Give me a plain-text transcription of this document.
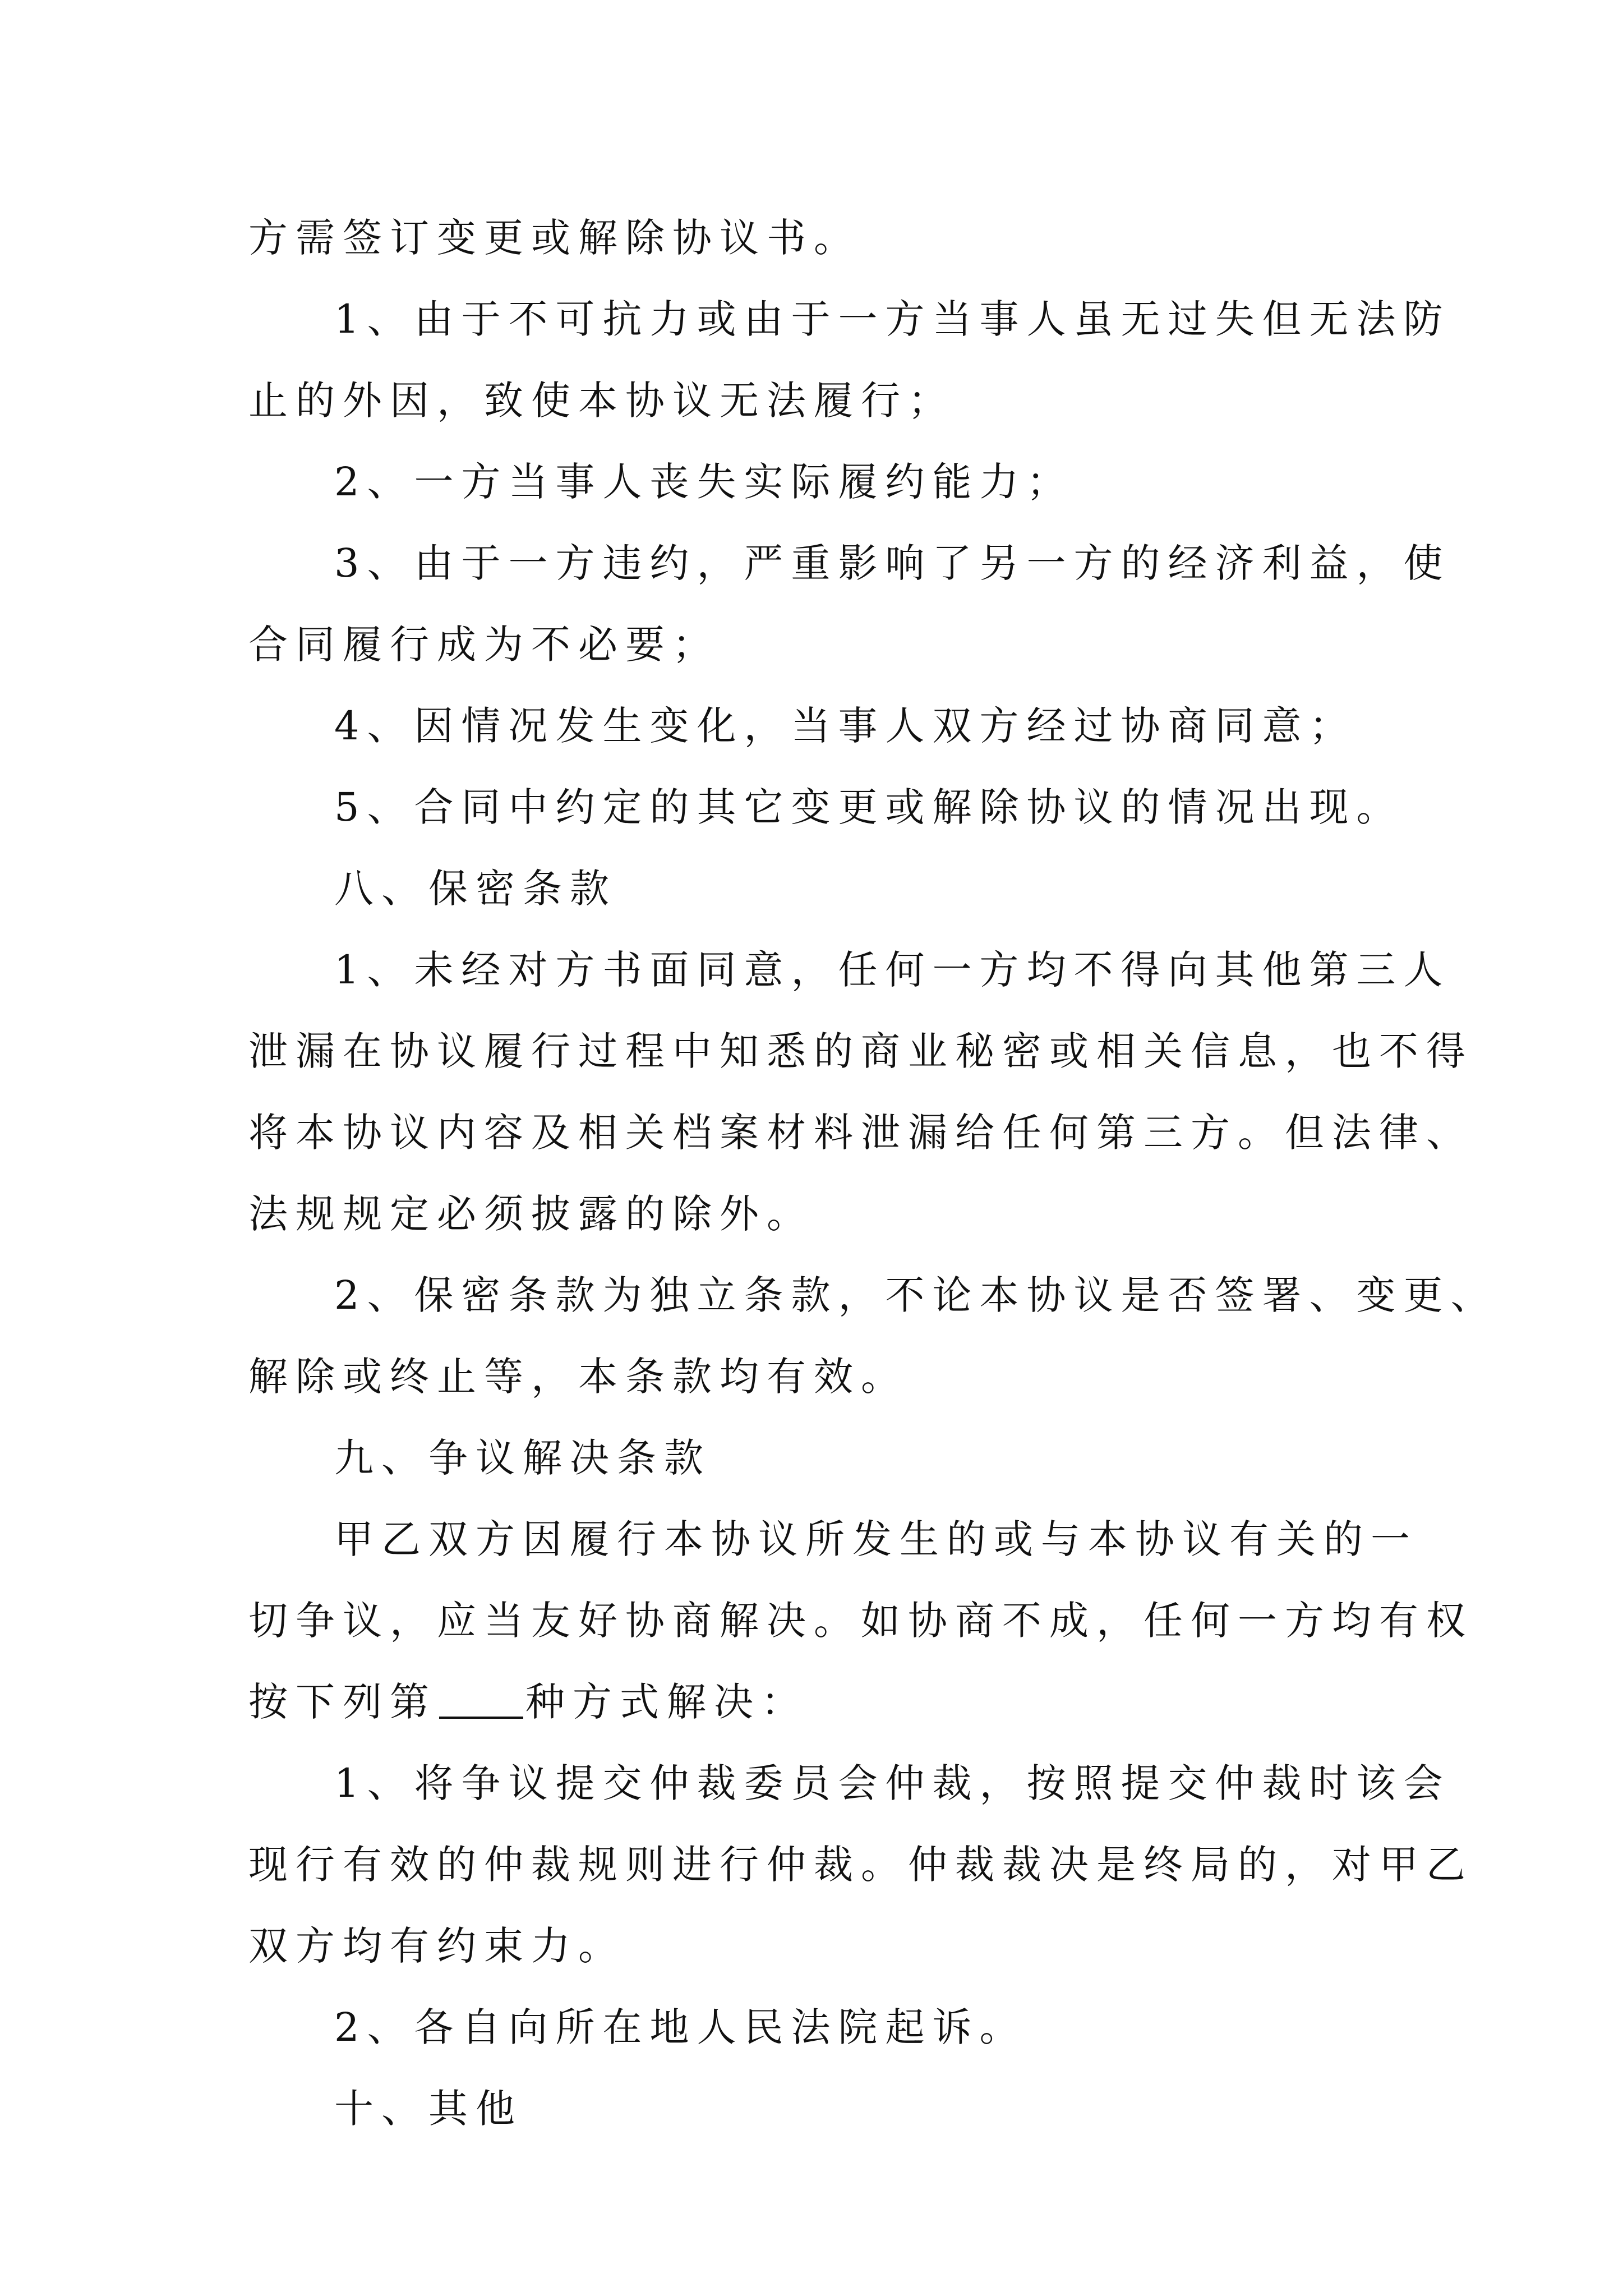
方需签订变更或解除协议书。
1、由于不可抗力或由于一方当事人虽无过失但无法防
止的外因，致使本协议无法履行；
2、一方当事人丧失实际履约能力；
3、由于一方违约，严重影响了另一方的经济利益，使
合同履行成为不必要；
4、因情况发生变化，当事人双方经过协商同意；
5、合同中约定的其它变更或解除协议的情况出现。
八、保密条款
1、未经对方书面同意，任何一方均不得向其他第三人
泄漏在协议履行过程中知悉的商业秘密或相关信息，也不得
将本协议内容及相关档案材料泄漏给任何第三方。但法律、
法规规定必须披露的除外。
2、保密条款为独立条款，不论本协议是否签署、变更、
解除或终止等，本条款均有效。
九、争议解决条款
甲乙双方因履行本协议所发生的或与本协议有关的一
切争议，应当友好协商解决。如协商不成，任何一方均有权
按下列第 种方式解决：
1、将争议提交仲裁委员会仲裁，按照提交仲裁时该会
现行有效的仲裁规则进行仲裁。仲裁裁决是终局的，对甲乙
双方均有约束力。
2、各自向所在地人民法院起诉。
十、其他
